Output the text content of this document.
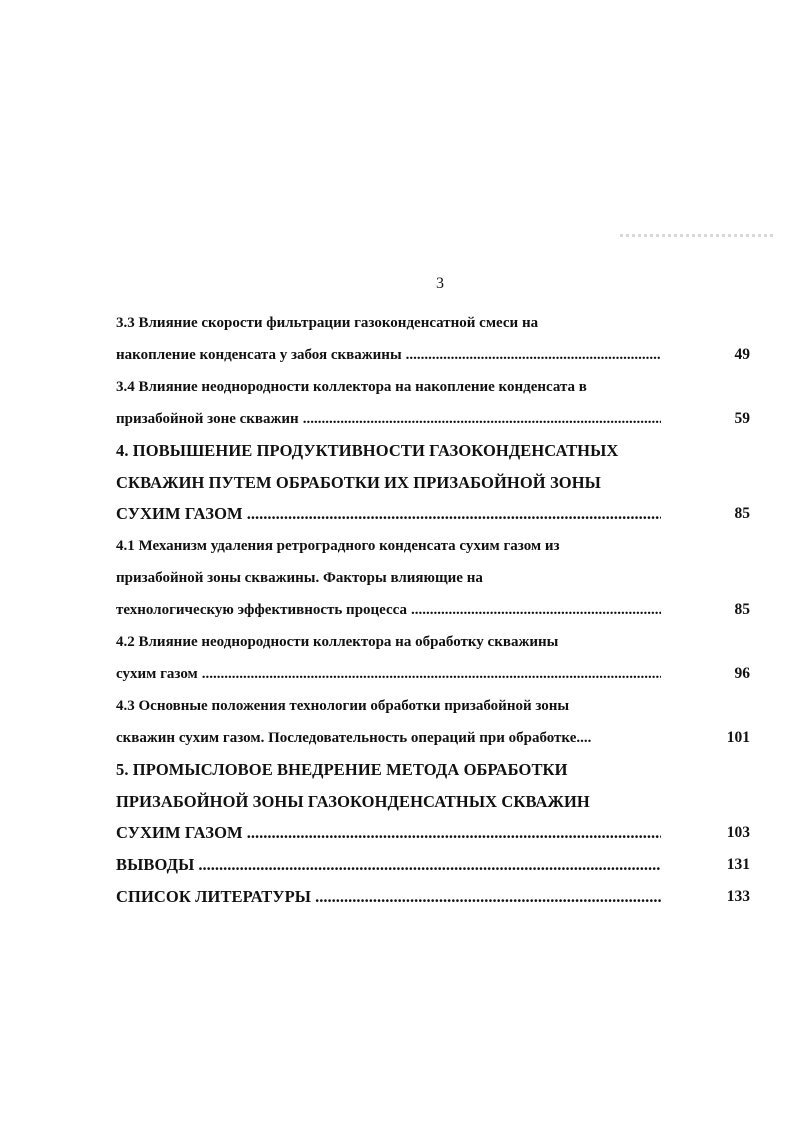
3
3.3 Влияние скорости фильтрации газоконденсатной смеси на
накопление конденсата у забоя скважины .....	49
3.4 Влияние неоднородности коллектора на накопление конденсата в
призабойной зоне скважин .....	59
4. ПОВЫШЕНИЕ ПРОДУКТИВНОСТИ ГАЗОКОНДЕНСАТНЫХ
СКВАЖИН ПУТЕМ ОБРАБОТКИ ИХ ПРИЗАБОЙНОЙ ЗОНЫ
СУХИМ ГАЗОМ .....	85
4.1 Механизм удаления ретроградного конденсата сухим газом из
призабойной зоны скважины. Факторы влияющие на
технологическую эффективность процесса .....	85
4.2 Влияние неоднородности коллектора на обработку скважины
сухим газом .....	96
4.3 Основные положения технологии обработки призабойной зоны
скважин сухим газом. Последовательность операций при обработке....	101
5. ПРОМЫСЛОВОЕ ВНЕДРЕНИЕ МЕТОДА ОБРАБОТКИ
ПРИЗАБОЙНОЙ ЗОНЫ ГАЗОКОНДЕНСАТНЫХ СКВАЖИН
СУХИМ ГАЗОМ .....	103
ВЫВОДЫ .....	131
СПИСОК ЛИТЕРАТУРЫ .....	133
